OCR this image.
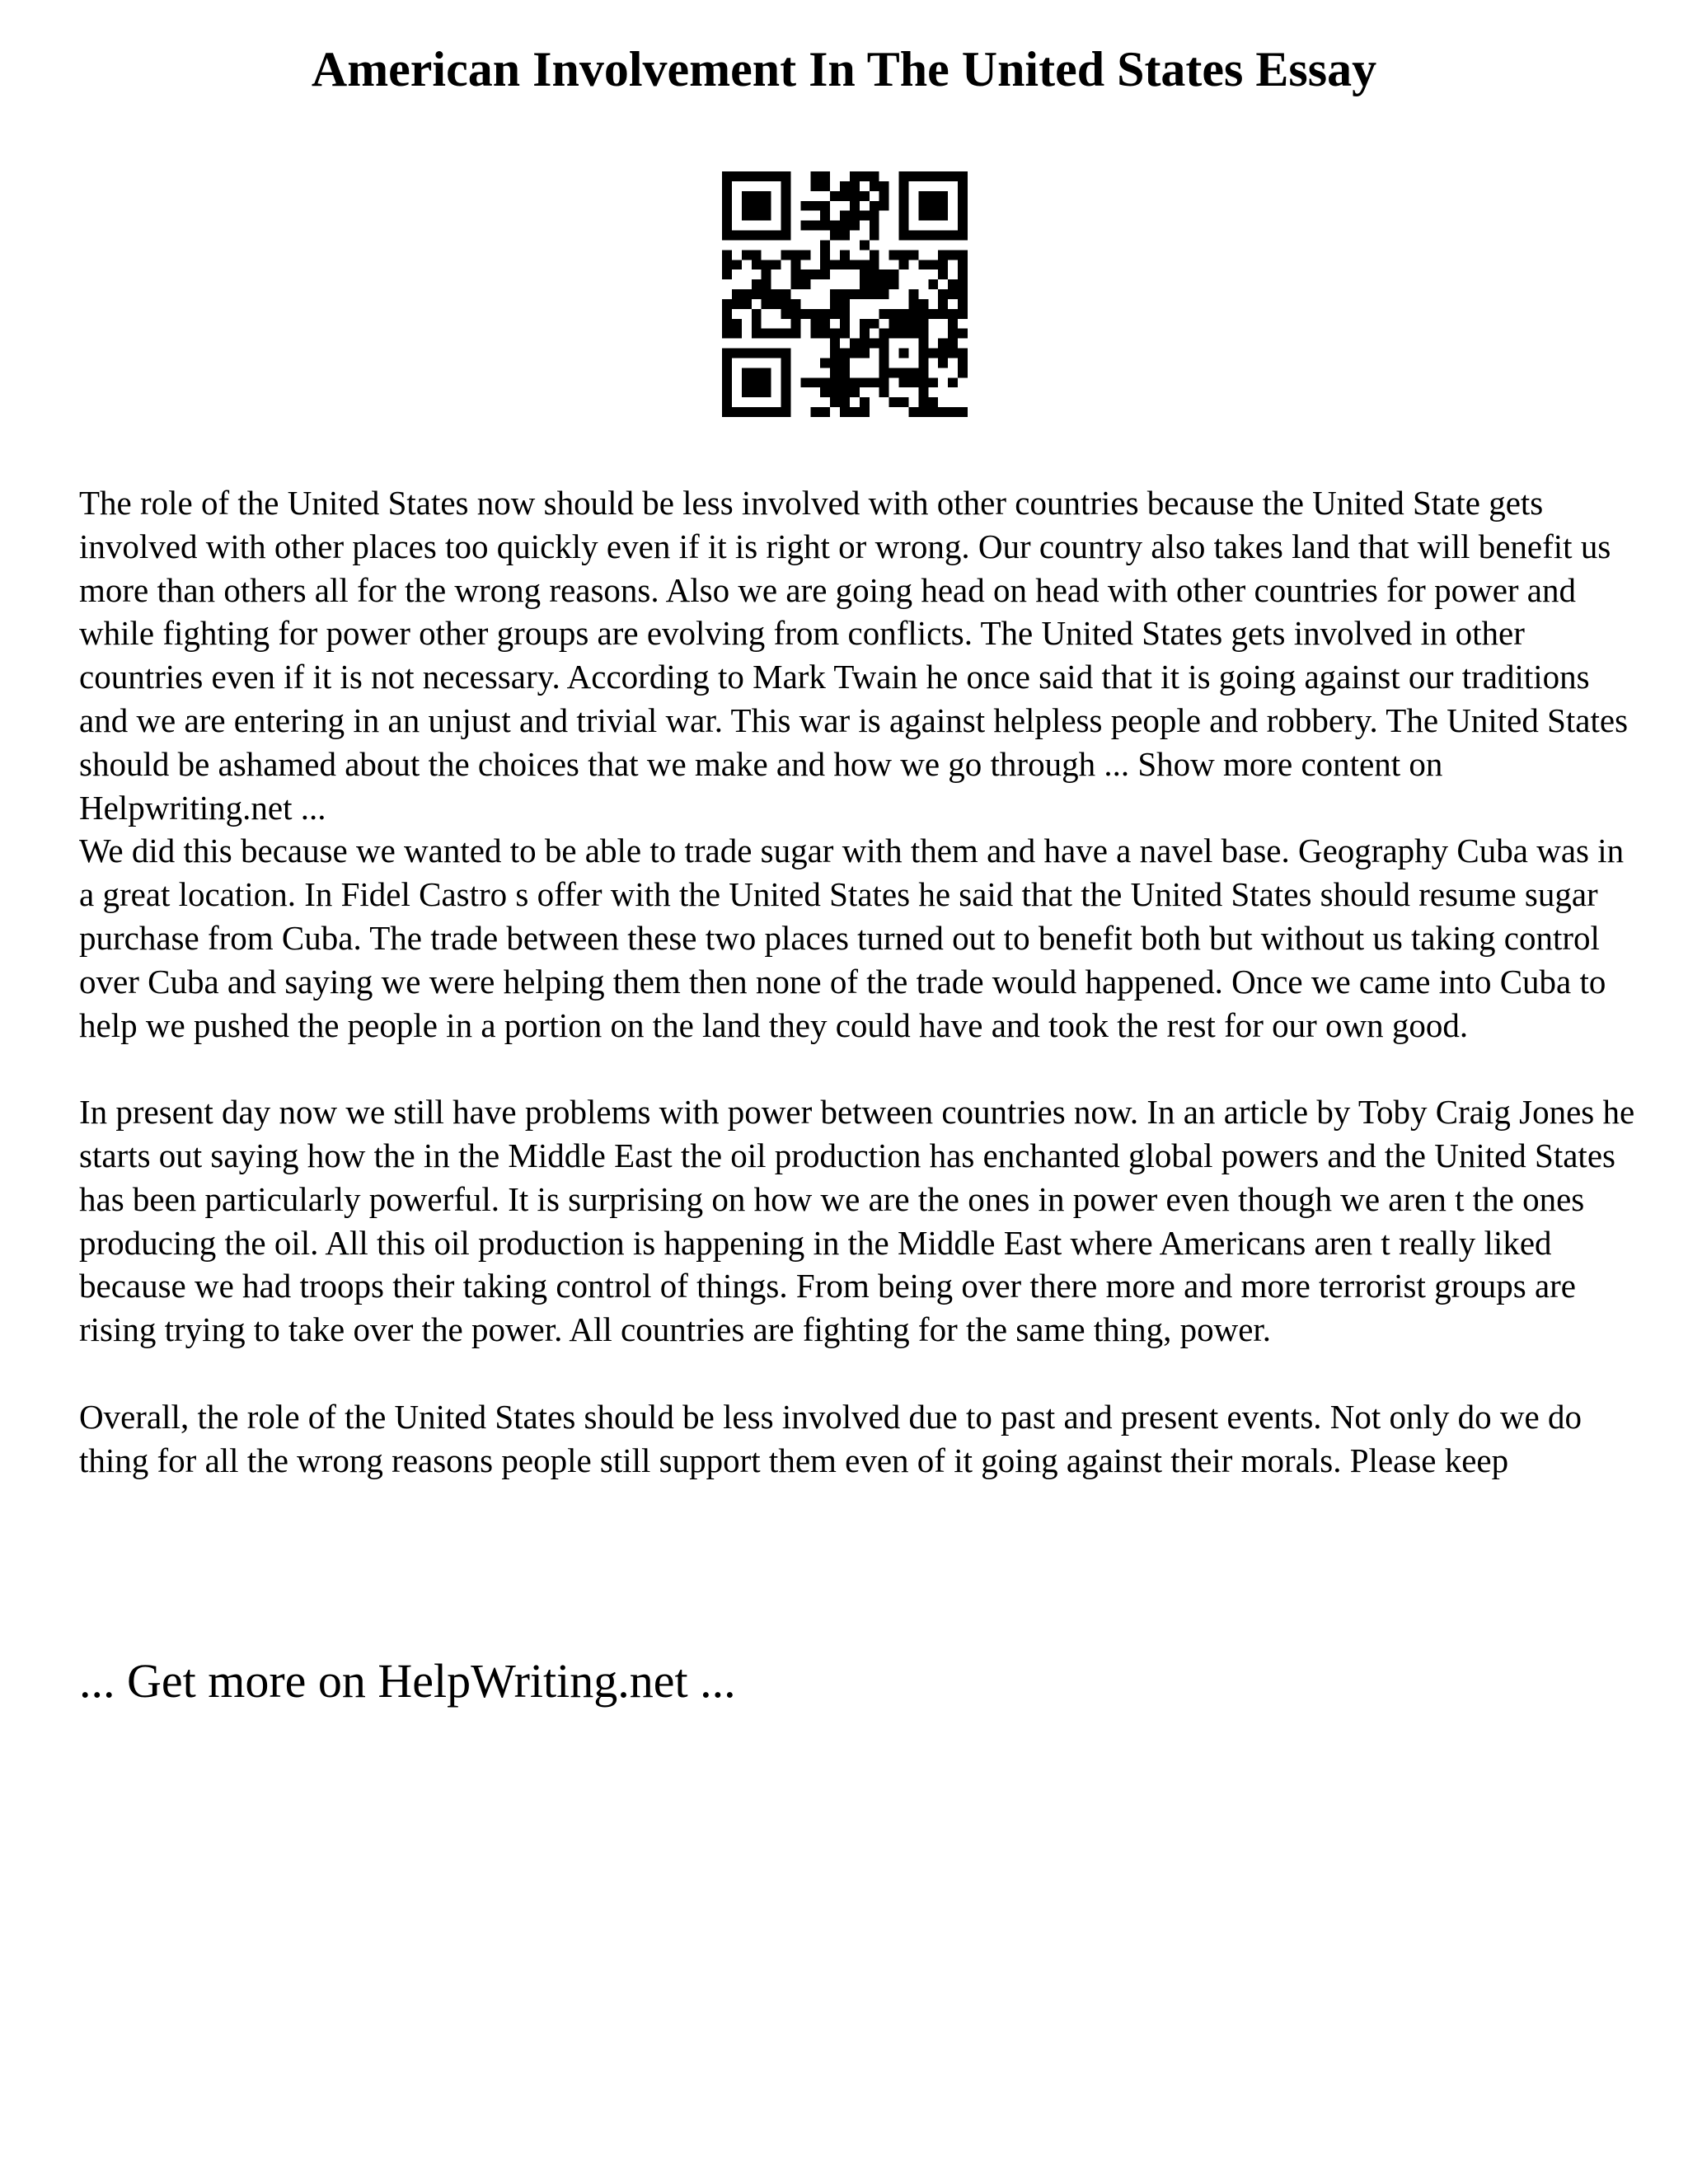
American Involvement In The United States Essay

The role of the United States now should be less involved with other countries because the United State gets involved with other places too quickly even if it is right or wrong. Our country also takes land that will benefit us more than others all for the wrong reasons. Also we are going head on head with other countries for power and while fighting for power other groups are evolving from conflicts. The United States gets involved in other countries even if it is not necessary. According to Mark Twain he once said that it is going against our traditions and we are entering in an unjust and trivial war. This war is against helpless people and robbery. The United States should be ashamed about the choices that we make and how we go through ... Show more content on Helpwriting.net ...

We did this because we wanted to be able to trade sugar with them and have a navel base. Geography Cuba was in a great location. In Fidel Castro s offer with the United States he said that the United States should resume sugar purchase from Cuba. The trade between these two places turned out to benefit both but without us taking control over Cuba and saying we were helping them then none of the trade would happened. Once we came into Cuba to help we pushed the people in a portion on the land they could have and took the rest for our own good.

In present day now we still have problems with power between countries now. In an article by Toby Craig Jones he starts out saying how the in the Middle East the oil production has enchanted global powers and the United States has been particularly powerful. It is surprising on how we are the ones in power even though we aren t the ones producing the oil. All this oil production is happening in the Middle East where Americans aren t really liked because we had troops their taking control of things. From being over there more and more terrorist groups are rising trying to take over the power. All countries are fighting for the same thing, power.

Overall, the role of the United States should be less involved due to past and present events. Not only do we do thing for all the wrong reasons people still support them even of it going against their morals. Please keep

... Get more on HelpWriting.net ...
